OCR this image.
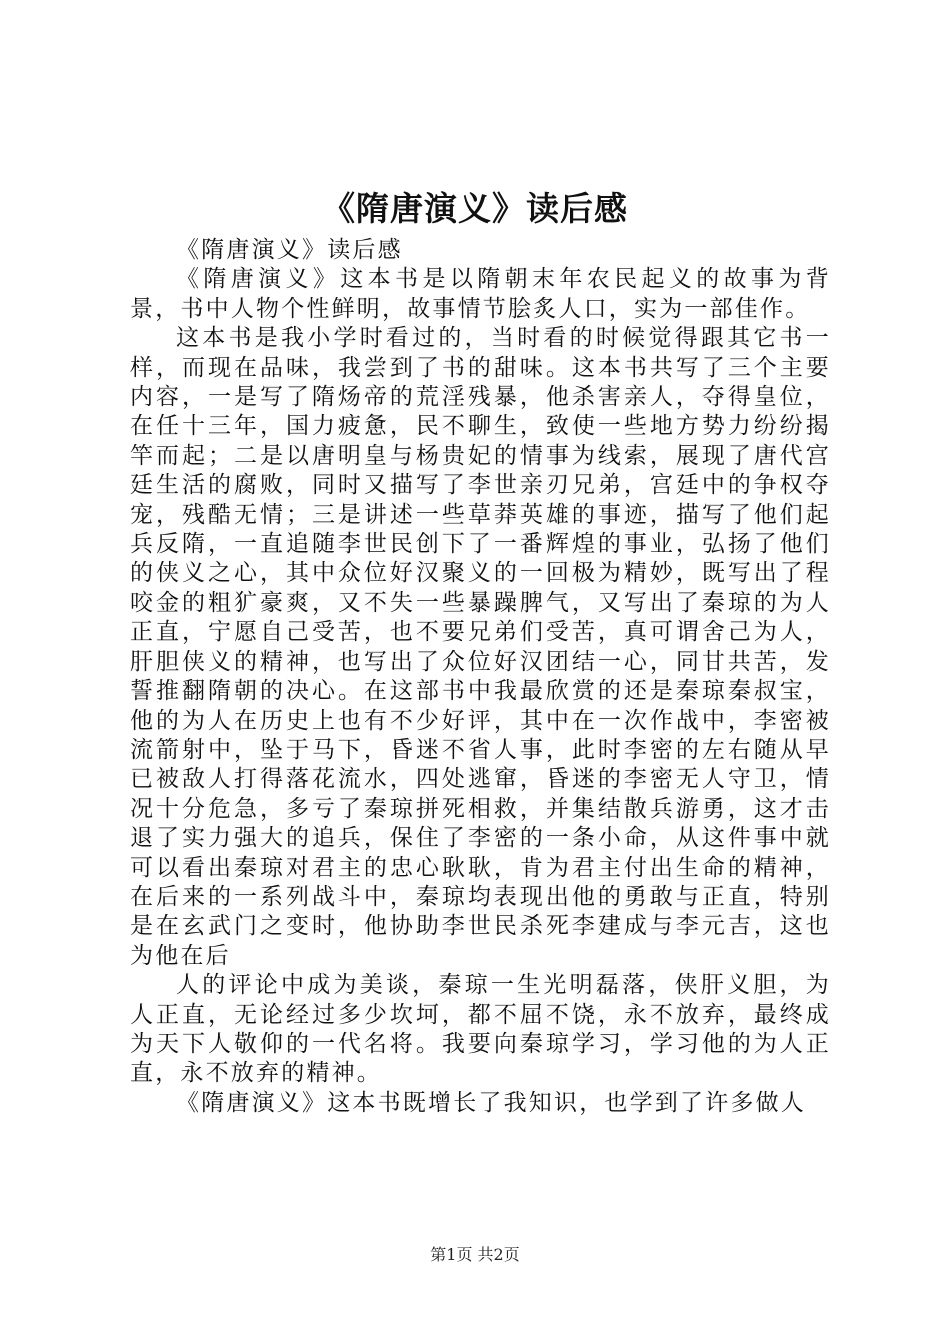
《隋唐演义》读后感

《隋唐演义》读后感

《隋唐演义》这本书是以隋朝末年农民起义的故事为背景，书中人物个性鲜明，故事情节脍炙人口，实为一部佳作。

这本书是我小学时看过的，当时看的时候觉得跟其它书一样，而现在品味，我尝到了书的甜味。这本书共写了三个主要内容，一是写了隋炀帝的荒淫残暴，他杀害亲人，夺得皇位，在任十三年，国力疲惫，民不聊生，致使一些地方势力纷纷揭竿而起；二是以唐明皇与杨贵妃的情事为线索，展现了唐代宫廷生活的腐败，同时又描写了李世亲刃兄弟，宫廷中的争权夺宠，残酷无情；三是讲述一些草莽英雄的事迹，描写了他们起兵反隋，一直追随李世民创下了一番辉煌的事业，弘扬了他们的侠义之心，其中众位好汉聚义的一回极为精妙，既写出了程咬金的粗犷豪爽，又不失一些暴躁脾气，又写出了秦琼的为人正直，宁愿自己受苦，也不要兄弟们受苦，真可谓舍己为人，肝胆侠义的精神，也写出了众位好汉团结一心，同甘共苦，发誓推翻隋朝的决心。在这部书中我最欣赏的还是秦琼秦叔宝，他的为人在历史上也有不少好评，其中在一次作战中，李密被流箭射中，坠于马下，昏迷不省人事，此时李密的左右随从早已被敌人打得落花流水，四处逃窜，昏迷的李密无人守卫，情况十分危急，多亏了秦琼拼死相救，并集结散兵游勇，这才击退了实力强大的追兵，保住了李密的一条小命，从这件事中就可以看出秦琼对君主的忠心耿耿，肯为君主付出生命的精神，在后来的一系列战斗中，秦琼均表现出他的勇敢与正直，特别是在玄武门之变时，他协助李世民杀死李建成与李元吉，这也为他在后

人的评论中成为美谈，秦琼一生光明磊落，侠肝义胆，为人正直，无论经过多少坎坷，都不屈不饶，永不放弃，最终成为天下人敬仰的一代名将。我要向秦琼学习，学习他的为人正直，永不放弃的精神。

《隋唐演义》这本书既增长了我知识，也学到了许多做人

第1页 共2页
